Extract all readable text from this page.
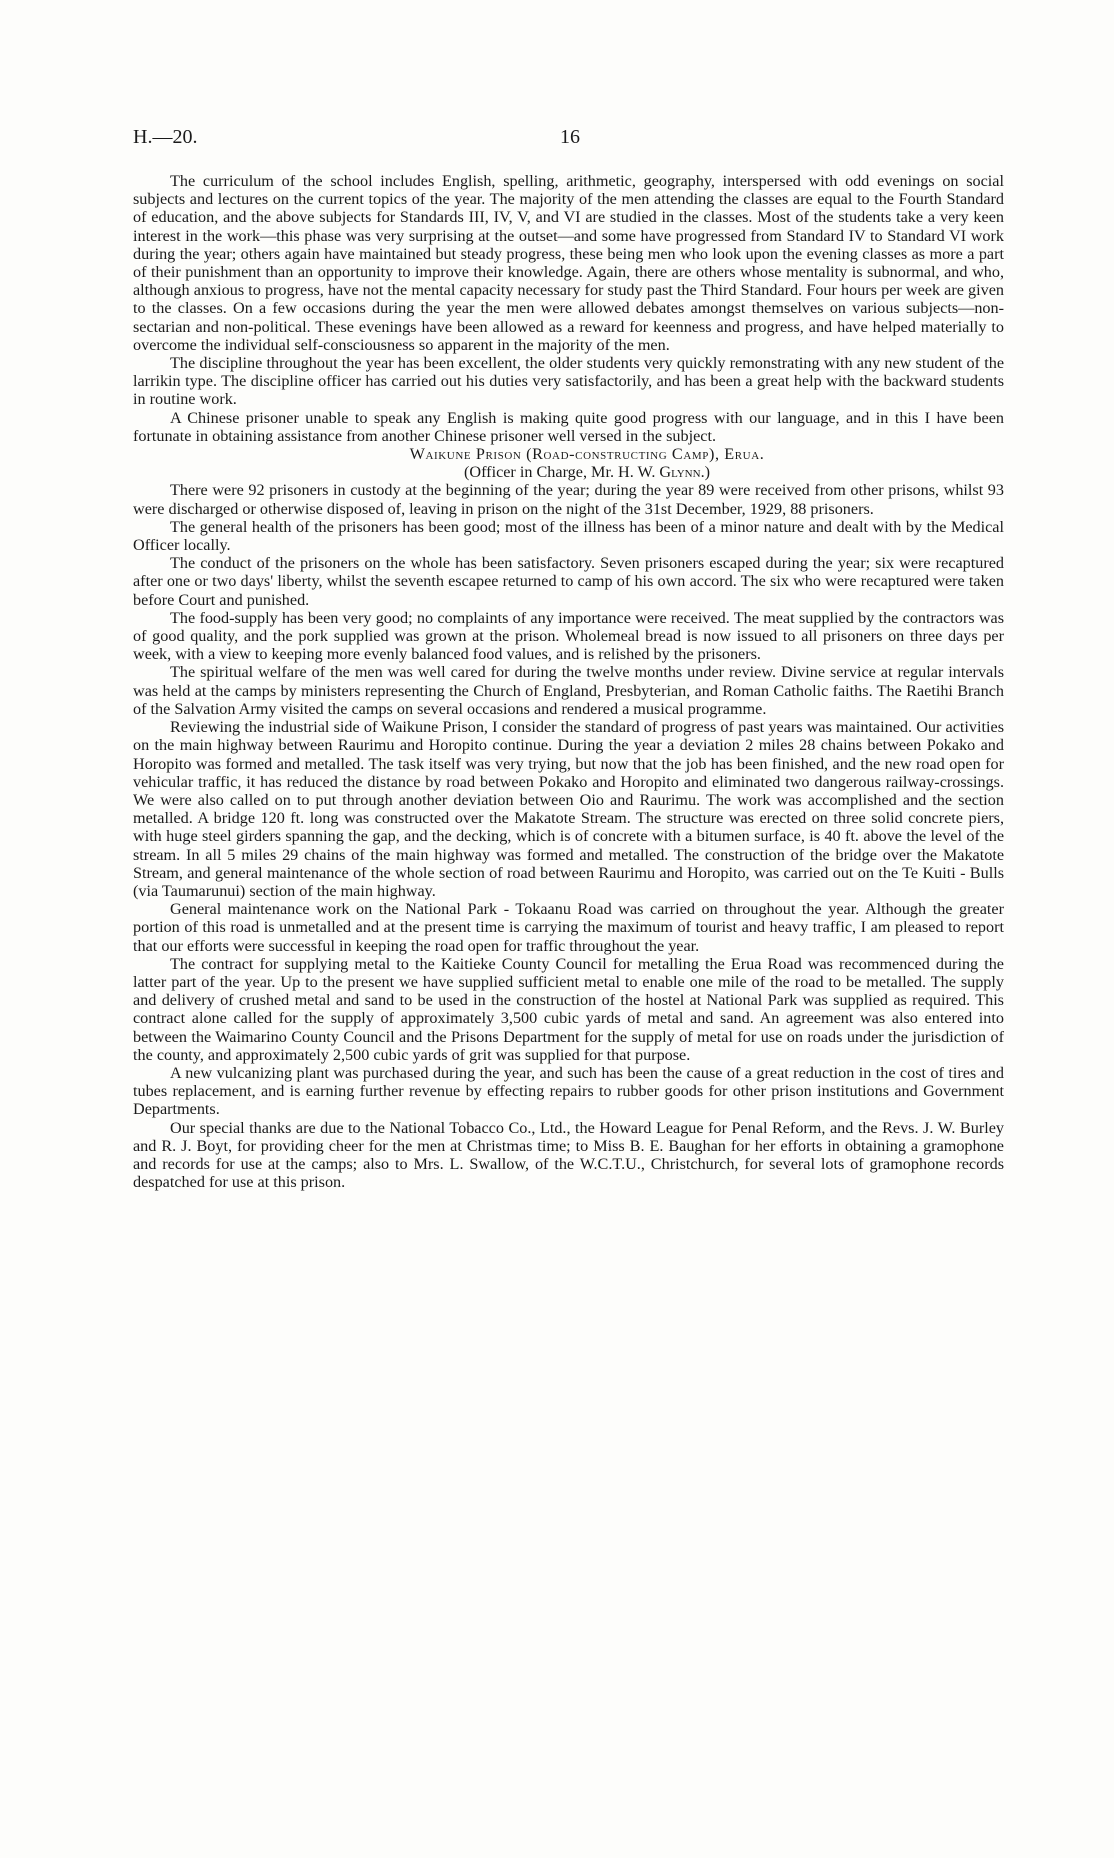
H.—20.	16

The curriculum of the school includes English, spelling, arithmetic, geography, interspersed with odd evenings on social subjects and lectures on the current topics of the year. The majority of the men attending the classes are equal to the Fourth Standard of education, and the above subjects for Standards III, IV, V, and VI are studied in the classes. Most of the students take a very keen interest in the work—this phase was very surprising at the outset—and some have progressed from Standard IV to Standard VI work during the year; others again have maintained but steady progress, these being men who look upon the evening classes as more a part of their punishment than an opportunity to improve their knowledge. Again, there are others whose mentality is subnormal, and who, although anxious to progress, have not the mental capacity necessary for study past the Third Standard. Four hours per week are given to the classes. On a few occasions during the year the men were allowed debates amongst themselves on various subjects—non-sectarian and non-political. These evenings have been allowed as a reward for keenness and progress, and have helped materially to overcome the individual self-consciousness so apparent in the majority of the men.

The discipline throughout the year has been excellent, the older students very quickly remonstrating with any new student of the larrikin type. The discipline officer has carried out his duties very satisfactorily, and has been a great help with the backward students in routine work.

A Chinese prisoner unable to speak any English is making quite good progress with our language, and in this I have been fortunate in obtaining assistance from another Chinese prisoner well versed in the subject.

Waikune Prison (Road-constructing Camp), Erua.

(Officer in Charge, Mr. H. W. Glynn.)

There were 92 prisoners in custody at the beginning of the year; during the year 89 were received from other prisons, whilst 93 were discharged or otherwise disposed of, leaving in prison on the night of the 31st December, 1929, 88 prisoners.

The general health of the prisoners has been good; most of the illness has been of a minor nature and dealt with by the Medical Officer locally.

The conduct of the prisoners on the whole has been satisfactory. Seven prisoners escaped during the year; six were recaptured after one or two days' liberty, whilst the seventh escapee returned to camp of his own accord. The six who were recaptured were taken before Court and punished.

The food-supply has been very good; no complaints of any importance were received. The meat supplied by the contractors was of good quality, and the pork supplied was grown at the prison. Wholemeal bread is now issued to all prisoners on three days per week, with a view to keeping more evenly balanced food values, and is relished by the prisoners.

The spiritual welfare of the men was well cared for during the twelve months under review. Divine service at regular intervals was held at the camps by ministers representing the Church of England, Presbyterian, and Roman Catholic faiths. The Raetihi Branch of the Salvation Army visited the camps on several occasions and rendered a musical programme.

Reviewing the industrial side of Waikune Prison, I consider the standard of progress of past years was maintained. Our activities on the main highway between Raurimu and Horopito continue. During the year a deviation 2 miles 28 chains between Pokako and Horopito was formed and metalled. The task itself was very trying, but now that the job has been finished, and the new road open for vehicular traffic, it has reduced the distance by road between Pokako and Horopito and eliminated two dangerous railway-crossings. We were also called on to put through another deviation between Oio and Raurimu. The work was accomplished and the section metalled. A bridge 120 ft. long was constructed over the Makatote Stream. The structure was erected on three solid concrete piers, with huge steel girders spanning the gap, and the decking, which is of concrete with a bitumen surface, is 40 ft. above the level of the stream. In all 5 miles 29 chains of the main highway was formed and metalled. The construction of the bridge over the Makatote Stream, and general maintenance of the whole section of road between Raurimu and Horopito, was carried out on the Te Kuiti - Bulls (via Taumarunui) section of the main highway.

General maintenance work on the National Park - Tokaanu Road was carried on throughout the year. Although the greater portion of this road is unmetalled and at the present time is carrying the maximum of tourist and heavy traffic, I am pleased to report that our efforts were successful in keeping the road open for traffic throughout the year.

The contract for supplying metal to the Kaitieke County Council for metalling the Erua Road was recommenced during the latter part of the year. Up to the present we have supplied sufficient metal to enable one mile of the road to be metalled. The supply and delivery of crushed metal and sand to be used in the construction of the hostel at National Park was supplied as required. This contract alone called for the supply of approximately 3,500 cubic yards of metal and sand. An agreement was also entered into between the Waimarino County Council and the Prisons Department for the supply of metal for use on roads under the jurisdiction of the county, and approximately 2,500 cubic yards of grit was supplied for that purpose.

A new vulcanizing plant was purchased during the year, and such has been the cause of a great reduction in the cost of tires and tubes replacement, and is earning further revenue by effecting repairs to rubber goods for other prison institutions and Government Departments.

Our special thanks are due to the National Tobacco Co., Ltd., the Howard League for Penal Reform, and the Revs. J. W. Burley and R. J. Boyt, for providing cheer for the men at Christmas time; to Miss B. E. Baughan for her efforts in obtaining a gramophone and records for use at the camps; also to Mrs. L. Swallow, of the W.C.T.U., Christchurch, for several lots of gramophone records despatched for use at this prison.
